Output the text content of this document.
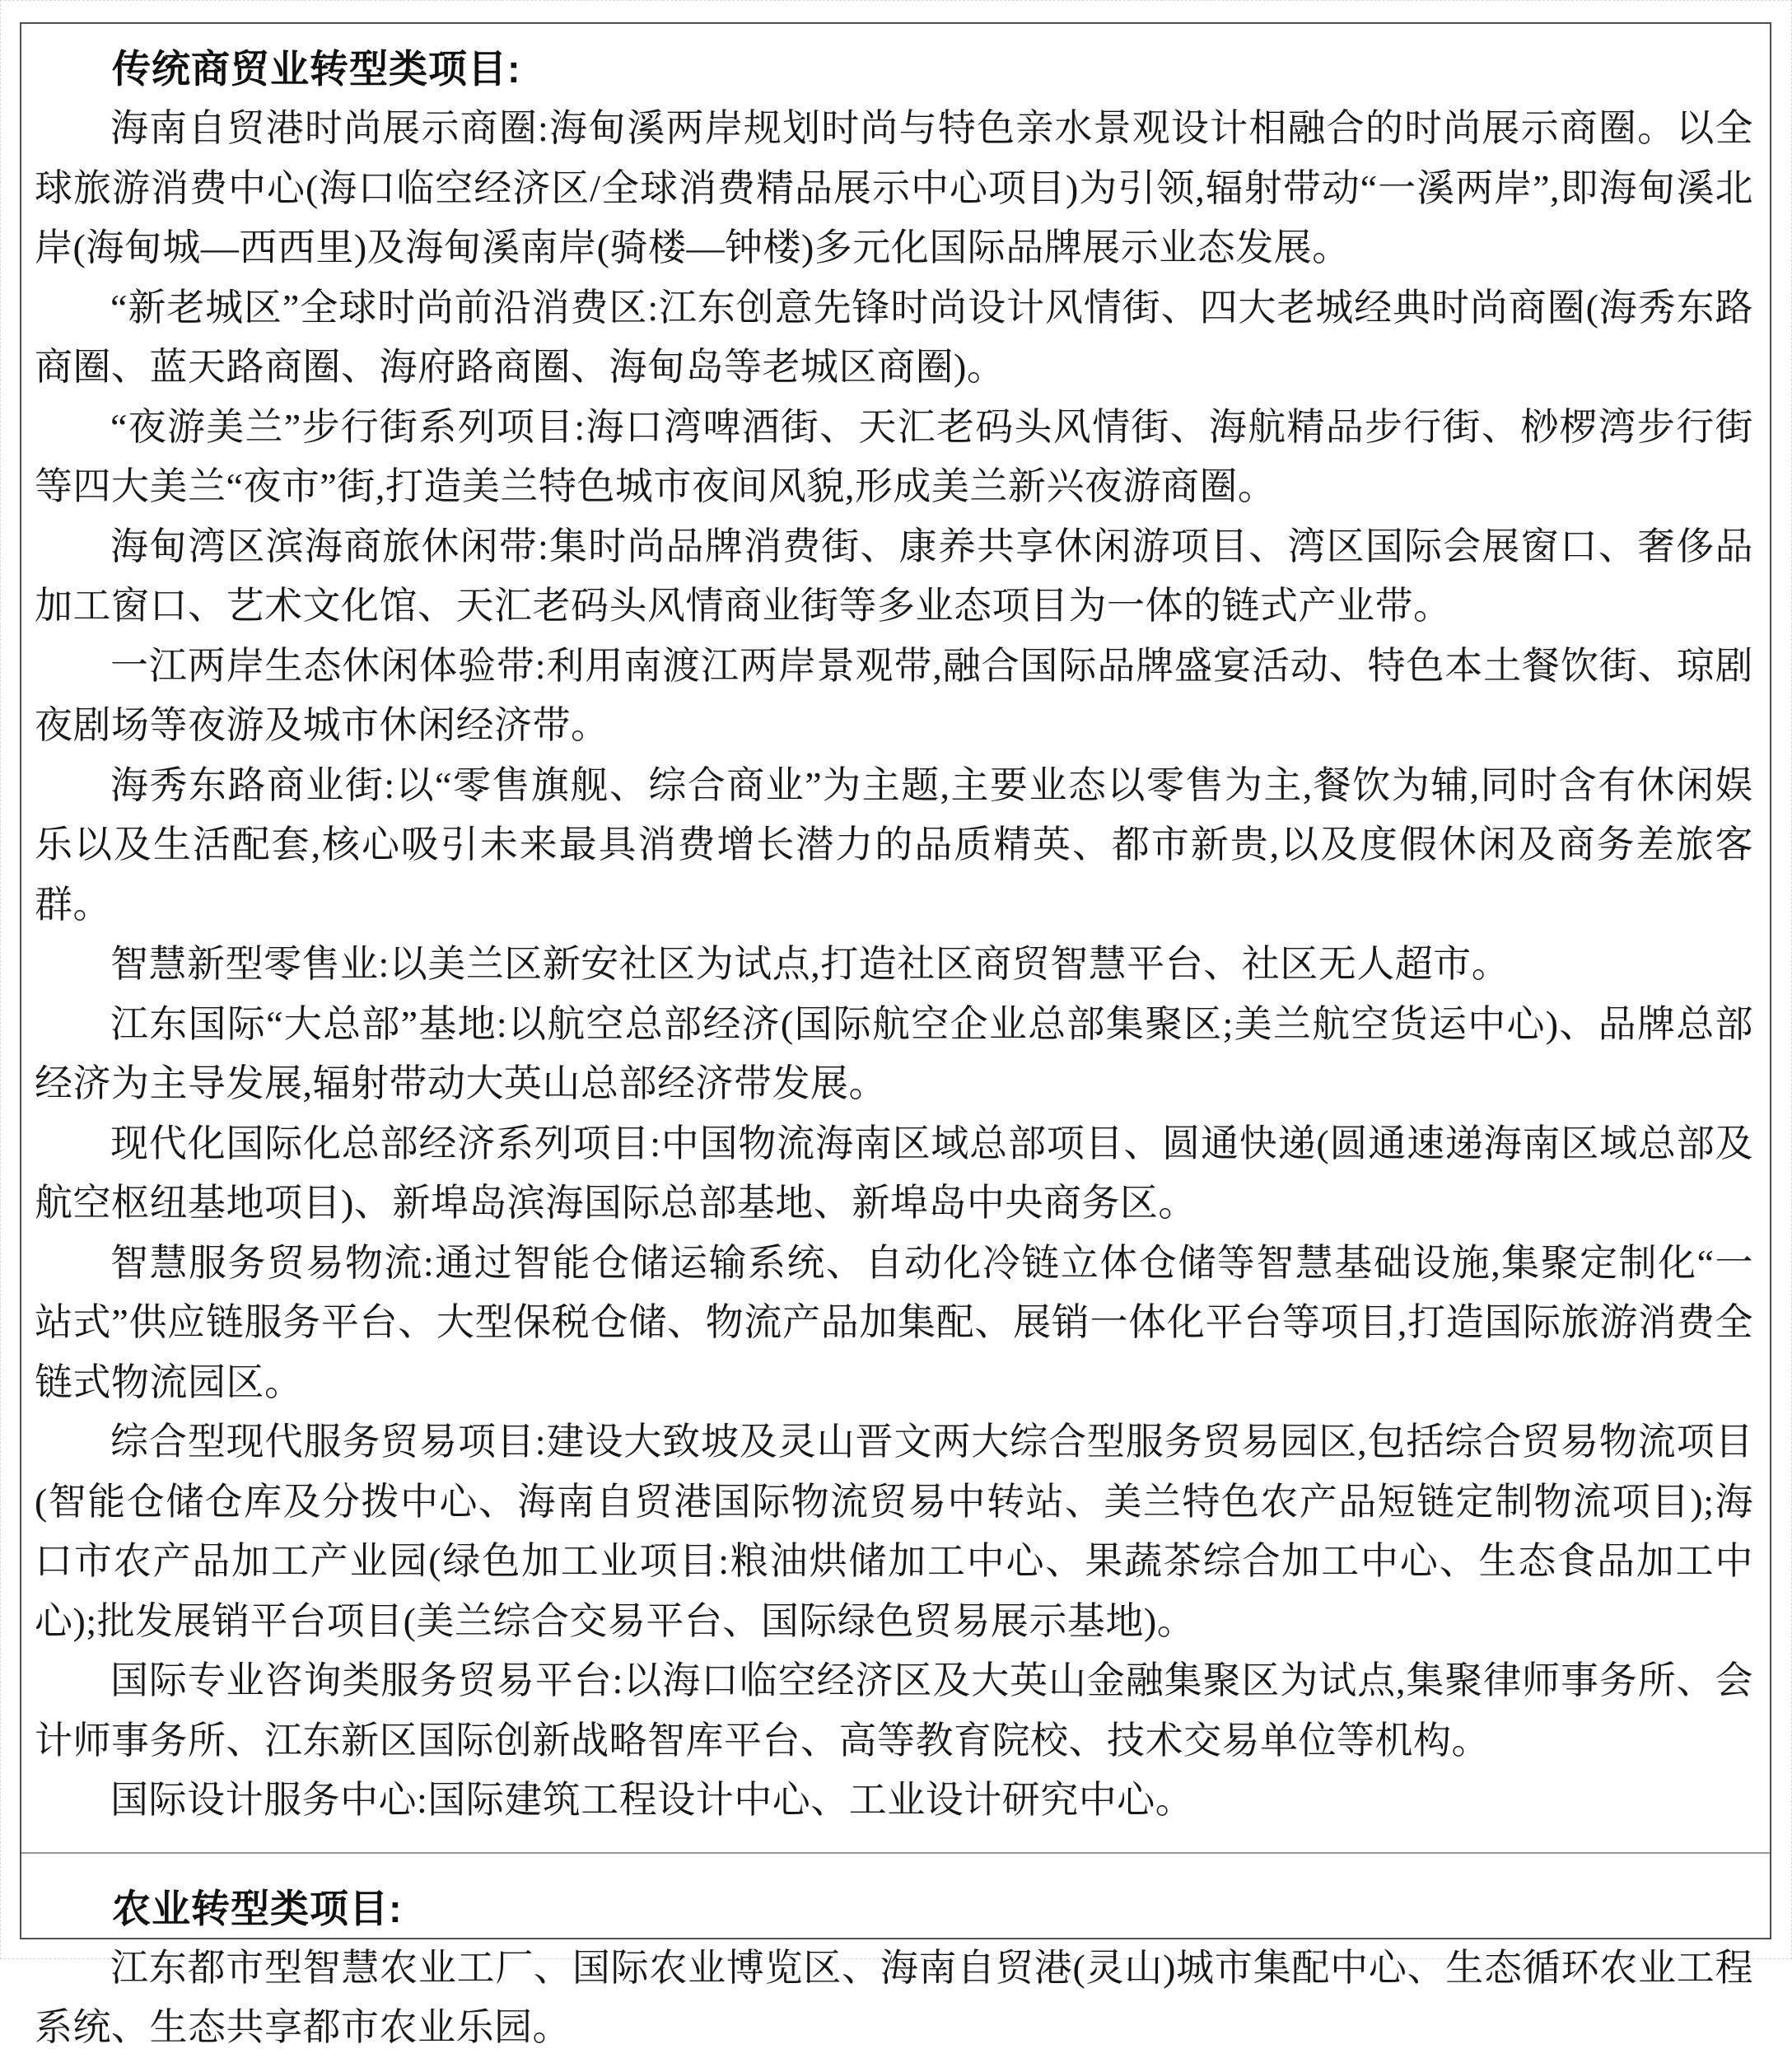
传统商贸业转型类项目:

海南自贸港时尚展示商圈:海甸溪两岸规划时尚与特色亲水景观设计相融合的时尚展示商圈。以全球旅游消费中心(海口临空经济区/全球消费精品展示中心项目)为引领,辐射带动“一溪两岸”,即海甸溪北岸(海甸城—西西里)及海甸溪南岸(骑楼—钟楼)多元化国际品牌展示业态发展。

“新老城区”全球时尚前沿消费区:江东创意先锋时尚设计风情街、四大老城经典时尚商圈(海秀东路商圈、蓝天路商圈、海府路商圈、海甸岛等老城区商圈)。

“夜游美兰”步行街系列项目:海口湾啤酒街、天汇老码头风情街、海航精品步行街、桫椤湾步行街等四大美兰“夜市”街,打造美兰特色城市夜间风貌,形成美兰新兴夜游商圈。

海甸湾区滨海商旅休闲带:集时尚品牌消费街、康养共享休闲游项目、湾区国际会展窗口、奢侈品加工窗口、艺术文化馆、天汇老码头风情商业街等多业态项目为一体的链式产业带。

一江两岸生态休闲体验带:利用南渡江两岸景观带,融合国际品牌盛宴活动、特色本土餐饮街、琼剧夜剧场等夜游及城市休闲经济带。

海秀东路商业街:以“零售旗舰、综合商业”为主题,主要业态以零售为主,餐饮为辅,同时含有休闲娱乐以及生活配套,核心吸引未来最具消费增长潜力的品质精英、都市新贵,以及度假休闲及商务差旅客群。

智慧新型零售业:以美兰区新安社区为试点,打造社区商贸智慧平台、社区无人超市。

江东国际“大总部”基地:以航空总部经济(国际航空企业总部集聚区;美兰航空货运中心)、品牌总部经济为主导发展,辐射带动大英山总部经济带发展。

现代化国际化总部经济系列项目:中国物流海南区域总部项目、圆通快递(圆通速递海南区域总部及航空枢纽基地项目)、新埠岛滨海国际总部基地、新埠岛中央商务区。

智慧服务贸易物流:通过智能仓储运输系统、自动化冷链立体仓储等智慧基础设施,集聚定制化“一站式”供应链服务平台、大型保税仓储、物流产品加集配、展销一体化平台等项目,打造国际旅游消费全链式物流园区。

综合型现代服务贸易项目:建设大致坡及灵山晋文两大综合型服务贸易园区,包括综合贸易物流项目(智能仓储仓库及分拨中心、海南自贸港国际物流贸易中转站、美兰特色农产品短链定制物流项目);海口市农产品加工产业园(绿色加工业项目:粮油烘储加工中心、果蔬茶综合加工中心、生态食品加工中心);批发展销平台项目(美兰综合交易平台、国际绿色贸易展示基地)。

国际专业咨询类服务贸易平台:以海口临空经济区及大英山金融集聚区为试点,集聚律师事务所、会计师事务所、江东新区国际创新战略智库平台、高等教育院校、技术交易单位等机构。

国际设计服务中心:国际建筑工程设计中心、工业设计研究中心。

农业转型类项目:

江东都市型智慧农业工厂、国际农业博览区、海南自贸港(灵山)城市集配中心、生态循环农业工程系统、生态共享都市农业乐园。
